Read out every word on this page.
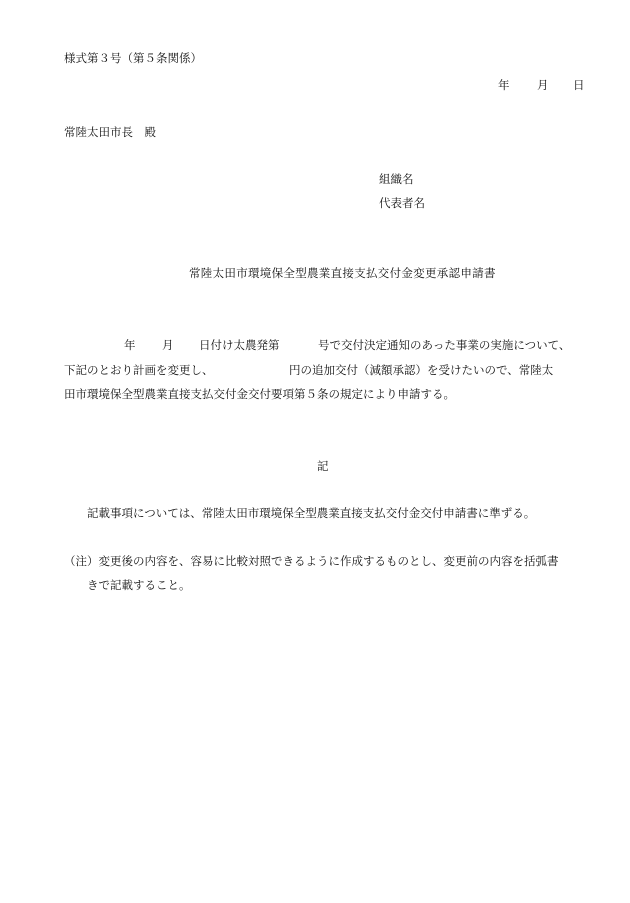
様式第３号（第５条関係）
年 月 日
常陸太田市長　殿
組織名
代表者名
常陸太田市環境保全型農業直接支払交付金変更承認申請書
年 月 日付け太農発第	号で交付決定通知のあった事業の実施について、
下記のとおり計画を変更し、	円の追加交付（減額承認）を受けたいので、常陸太
田市環境保全型農業直接支払交付金交付要項第５条の規定により申請する。
記
記載事項については、常陸太田市環境保全型農業直接支払交付金交付申請書に準ずる。
（注）変更後の内容を、容易に比較対照できるように作成するものとし、変更前の内容を括弧書
きで記載すること。
